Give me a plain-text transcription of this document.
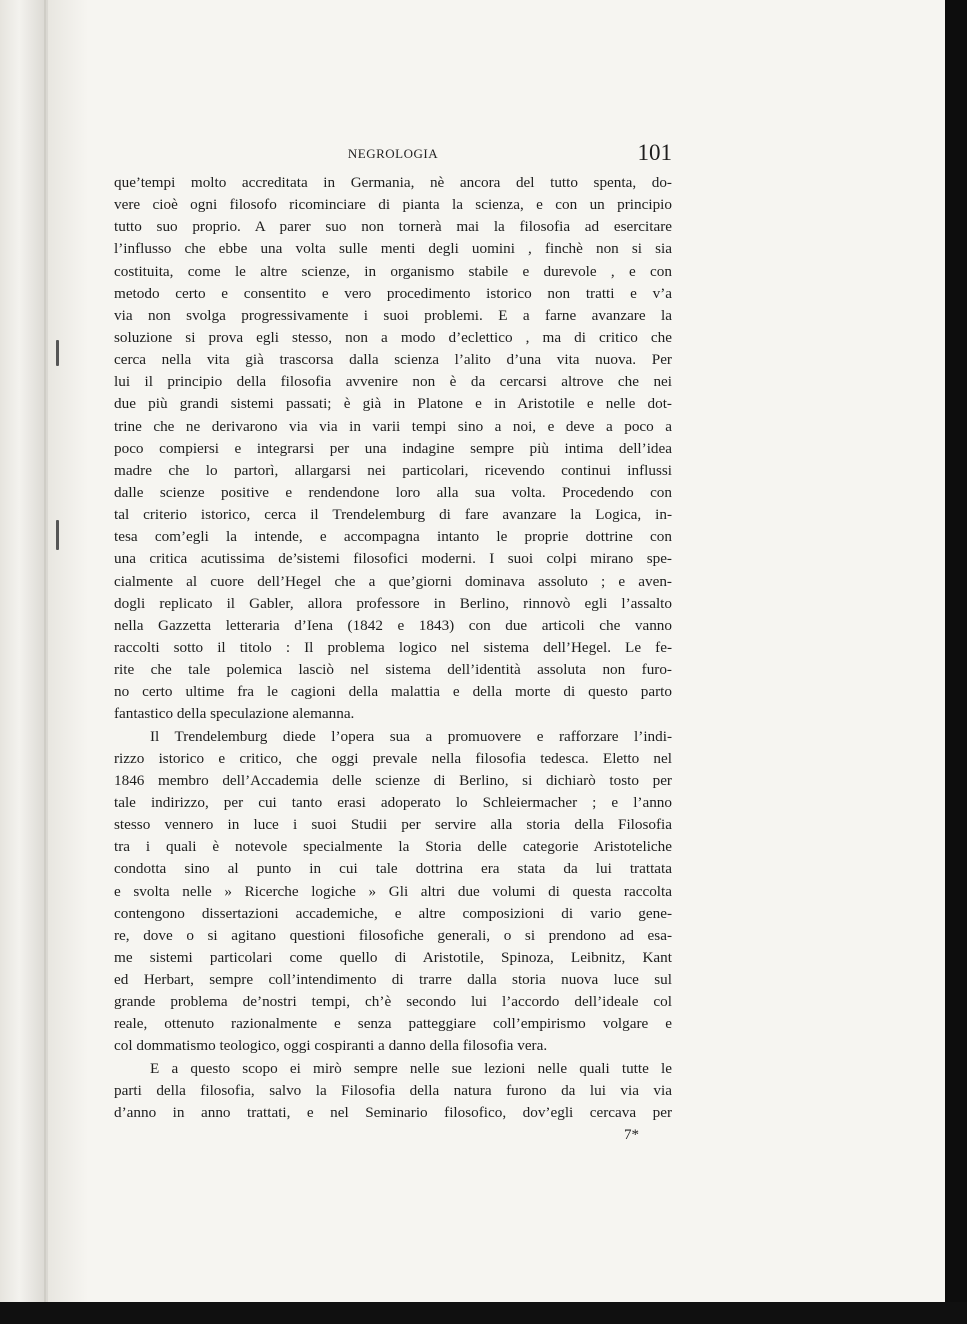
NEGROLOGIA	101
que’tempi molto accreditata in Germania, nè ancora del tutto spenta, do-
vere cioè ogni filosofo ricominciare di pianta la scienza, e con un principio
tutto suo proprio. A parer suo non tornerà mai la filosofia ad esercitare
l’influsso che ebbe una volta sulle menti degli uomini , finchè non si sia
costituita, come le altre scienze, in organismo stabile e durevole , e con
metodo certo e consentito e vero procedimento istorico non tratti e v’a
via non svolga progressivamente i suoi problemi. E a farne avanzare la
soluzione si prova egli stesso, non a modo d’eclettico , ma di critico che
cerca nella vita già trascorsa dalla scienza l’alito d’una vita nuova. Per
lui il principio della filosofia avvenire non è da cercarsi altrove che nei
due più grandi sistemi passati; è già in Platone e in Aristotile e nelle dot-
trine che ne derivarono via via in varii tempi sino a noi, e deve a poco a
poco compiersi e integrarsi per una indagine sempre più intima dell’idea
madre che lo partorì, allargarsi nei particolari, ricevendo continui influssi
dalle scienze positive e rendendone loro alla sua volta. Procedendo con
tal criterio istorico, cerca il Trendelemburg di fare avanzare la Logica, in-
tesa com’egli la intende, e accompagna intanto le proprie dottrine con
una critica acutissima de’sistemi filosofici moderni. I suoi colpi mirano spe-
cialmente al cuore dell’Hegel che a que’giorni dominava assoluto ; e aven-
dogli replicato il Gabler, allora professore in Berlino, rinnovò egli l’assalto
nella Gazzetta letteraria d’Iena (1842 e 1843) con due articoli che vanno
raccolti sotto il titolo : Il problema logico nel sistema dell’Hegel. Le fe-
rite che tale polemica lasciò nel sistema dell’identità assoluta non furo-
no certo ultime fra le cagioni della malattia e della morte di questo parto
fantastico della speculazione alemanna.
Il Trendelemburg diede l’opera sua a promuovere e rafforzare l’indi-
rizzo istorico e critico, che oggi prevale nella filosofia tedesca. Eletto nel
1846 membro dell’Accademia delle scienze di Berlino, si dichiarò tosto per
tale indirizzo, per cui tanto erasi adoperato lo Schleiermacher ; e l’anno
stesso vennero in luce i suoi Studii per servire alla storia della Filosofia
tra i quali è notevole specialmente la Storia delle categorie Aristoteliche
condotta sino al punto in cui tale dottrina era stata da lui trattata
e svolta nelle » Ricerche logiche » Gli altri due volumi di questa raccolta
contengono dissertazioni accademiche, e altre composizioni di vario gene-
re, dove o si agitano questioni filosofiche generali, o si prendono ad esa-
me sistemi particolari come quello di Aristotile, Spinoza, Leibnitz, Kant
ed Herbart, sempre coll’intendimento di trarre dalla storia nuova luce sul
grande problema de’nostri tempi, ch’è secondo lui l’accordo dell’ideale col
reale, ottenuto razionalmente e senza patteggiare coll’empirismo volgare e
col dommatismo teologico, oggi cospiranti a danno della filosofia vera.
E a questo scopo ei mirò sempre nelle sue lezioni nelle quali tutte le
parti della filosofia, salvo la Filosofia della natura furono da lui via via
d’anno in anno trattati, e nel Seminario filosofico, dov’egli cercava per
7*
